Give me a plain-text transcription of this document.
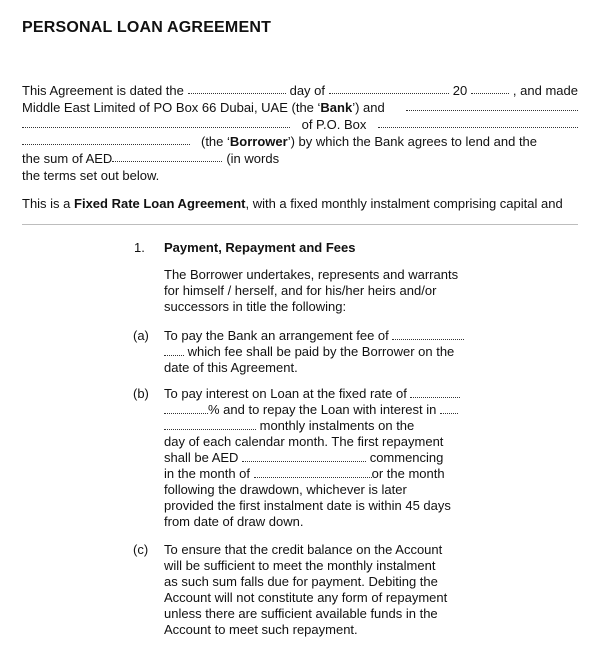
PERSONAL LOAN AGREEMENT
This Agreement is dated the	day of	20	, and made
Middle East Limited of PO Box 66 Dubai, UAE (the ‘Bank’) and
of P.O. Box
(the ‘Borrower’) by which the Bank agrees to lend and the
the sum of AED	(in words
the terms set out below.
This is a Fixed Rate Loan Agreement, with a fixed monthly instalment comprising capital and
1. Payment, Repayment and Fees
The Borrower undertakes, represents and warrants
for himself / herself, and for his/her heirs and/or
successors in title the following:
(a) To pay the Bank an arrangement fee of
which fee shall be paid by the Borrower on the
date of this Agreement.
(b) To pay interest on Loan at the fixed rate of
% and to repay the Loan with interest in
monthly instalments on the
day of each calendar month. The first repayment
shall be AED	commencing
in the month of	or the month
following the drawdown, whichever is later
provided the first instalment date is within 45 days
from date of draw down.
(c) To ensure that the credit balance on the Account
will be sufficient to meet the monthly instalment
as such sum falls due for payment. Debiting the
Account will not constitute any form of repayment
unless there are sufficient available funds in the
Account to meet such repayment.
